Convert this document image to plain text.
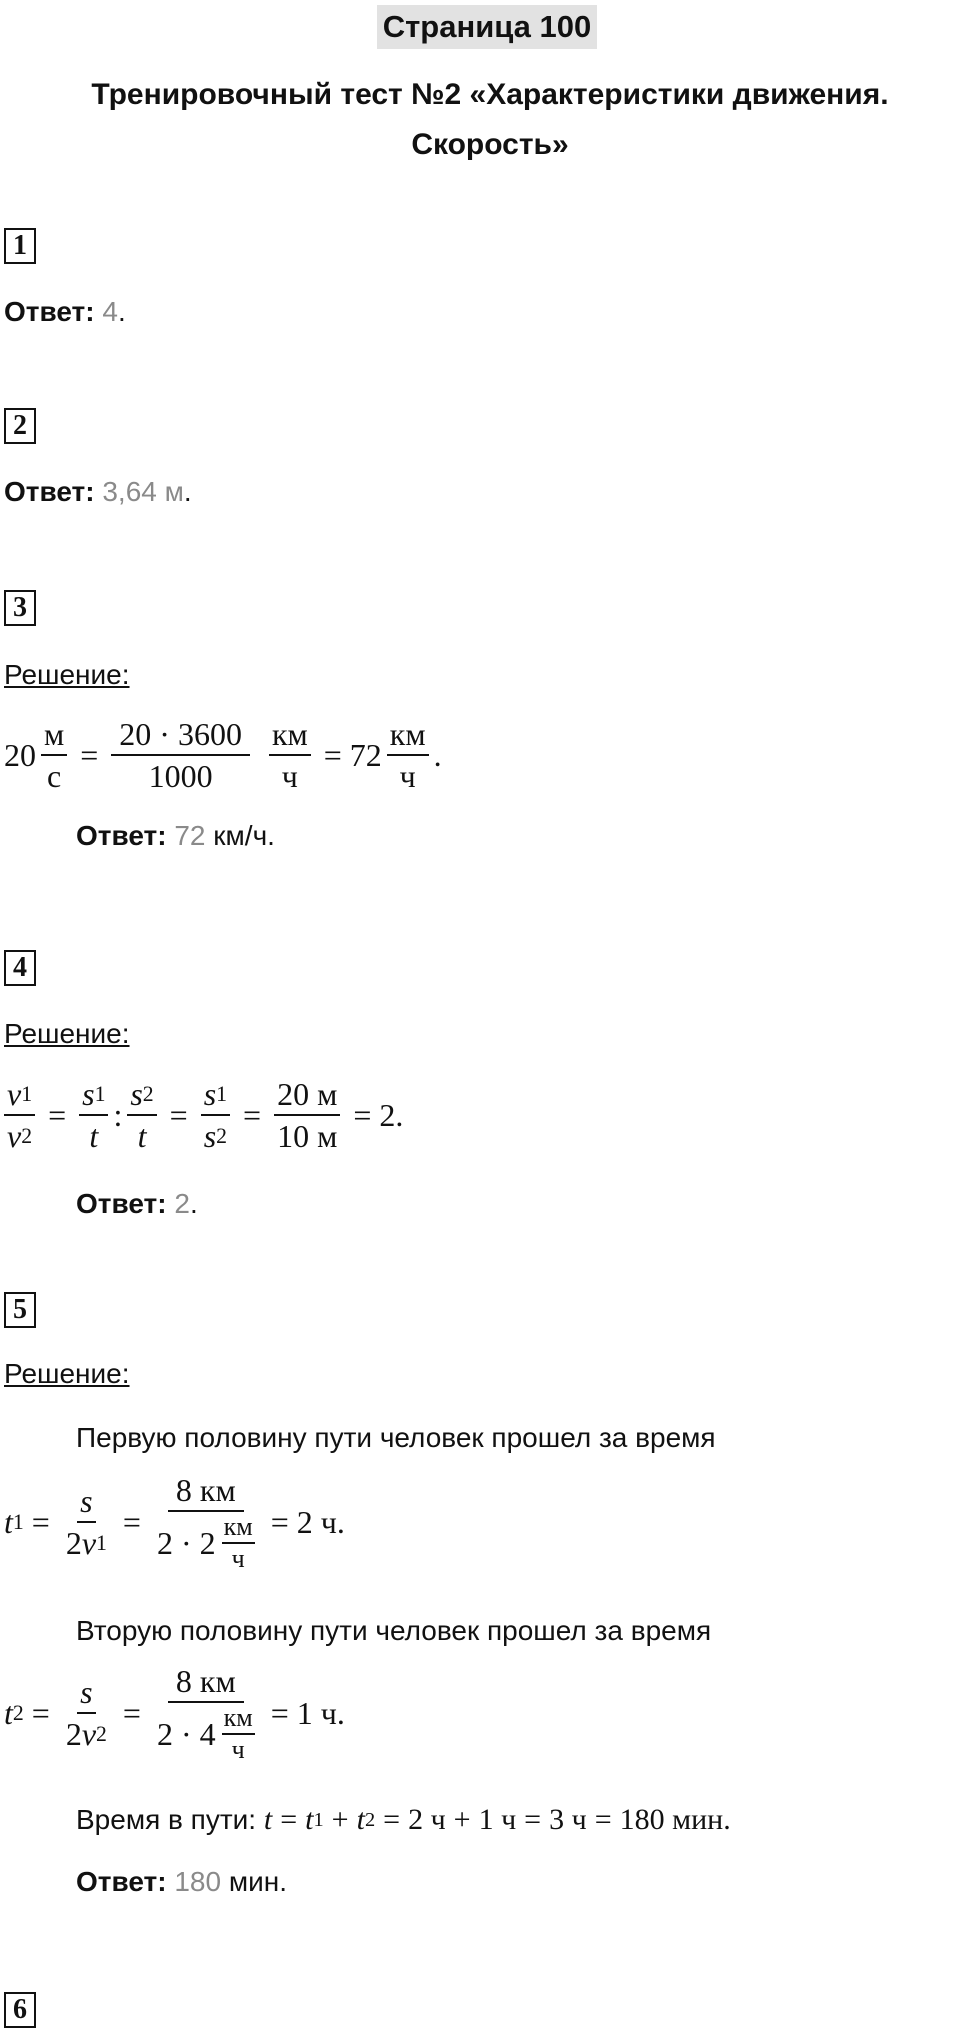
Страница 100
Тренировочный тест №2 «Характеристики движения.
Скорость»
1
Ответ: 4.
2
Ответ: 3,64 м.
3
Решение:
$20 \frac{м}{с} = \frac{20 \cdot 3600}{1000} \frac{км}{ч} = 72 \frac{км}{ч}$ .
Ответ: 72 км/ч.
4
Решение:
$\frac{v 1}{v 2} = \frac{s 1}{t}$ : $\frac{s 2}{t} = \frac{s 1}{s 2} = \frac{20 м}{10 м} = 2$.
Ответ: 2.
5
Решение:
Первую половину пути человек прошел за время
t $1 = \frac{s}{2 v 1} = 8$ км
2 · 2 км
ч = 2 ч.
Вторую половину пути человек прошел за время
t $2 = \frac{s}{2 v 2} = 8$ км
2 · 4 км
ч = 1 ч.
Время в пути: t = t 1 + t 2 = 2 ч + 1 ч = 3 ч = 180 мин.
Ответ: 180 мин.
6
